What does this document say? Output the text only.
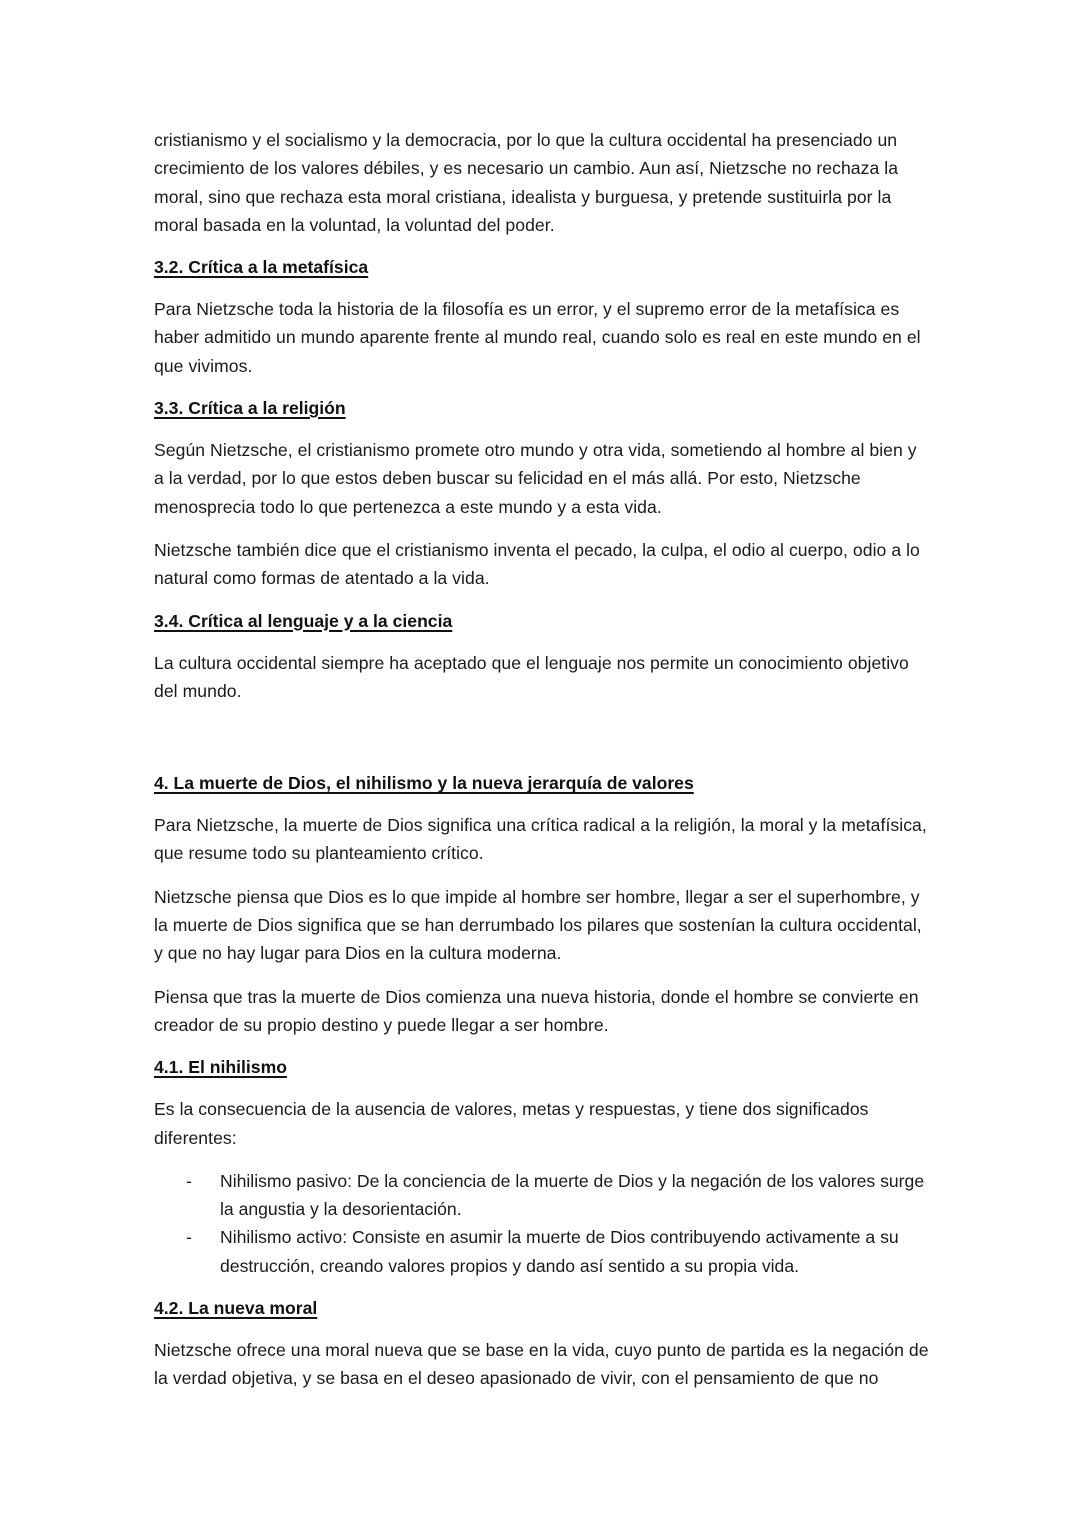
cristianismo y el socialismo y la democracia, por lo que la cultura occidental ha presenciado un crecimiento de los valores débiles, y es necesario un cambio. Aun así, Nietzsche no rechaza la moral, sino que rechaza esta moral cristiana, idealista y burguesa, y pretende sustituirla por la moral basada en la voluntad, la voluntad del poder.

3.2. Crítica a la metafísica

Para Nietzsche toda la historia de la filosofía es un error, y el supremo error de la metafísica es haber admitido un mundo aparente frente al mundo real, cuando solo es real en este mundo en el que vivimos.

3.3. Crítica a la religión

Según Nietzsche, el cristianismo promete otro mundo y otra vida, sometiendo al hombre al bien y a la verdad, por lo que estos deben buscar su felicidad en el más allá. Por esto, Nietzsche menosprecia todo lo que pertenezca a este mundo y a esta vida.

Nietzsche también dice que el cristianismo inventa el pecado, la culpa, el odio al cuerpo, odio a lo natural como formas de atentado a la vida.

3.4. Crítica al lenguaje y a la ciencia

La cultura occidental siempre ha aceptado que el lenguaje nos permite un conocimiento objetivo del mundo.

4. La muerte de Dios, el nihilismo y la nueva jerarquía de valores

Para Nietzsche, la muerte de Dios significa una crítica radical a la religión, la moral y la metafísica, que resume todo su planteamiento crítico.

Nietzsche piensa que Dios es lo que impide al hombre ser hombre, llegar a ser el superhombre, y la muerte de Dios significa que se han derrumbado los pilares que sostenían la cultura occidental, y que no hay lugar para Dios en la cultura moderna.

Piensa que tras la muerte de Dios comienza una nueva historia, donde el hombre se convierte en creador de su propio destino y puede llegar a ser hombre.

4.1. El nihilismo

Es la consecuencia de la ausencia de valores, metas y respuestas, y tiene dos significados diferentes:

- Nihilismo pasivo: De la conciencia de la muerte de Dios y la negación de los valores surge la angustia y la desorientación.
- Nihilismo activo: Consiste en asumir la muerte de Dios contribuyendo activamente a su destrucción, creando valores propios y dando así sentido a su propia vida.
4.2. La nueva moral

Nietzsche ofrece una moral nueva que se base en la vida, cuyo punto de partida es la negación de la verdad objetiva, y se basa en el deseo apasionado de vivir, con el pensamiento de que no
